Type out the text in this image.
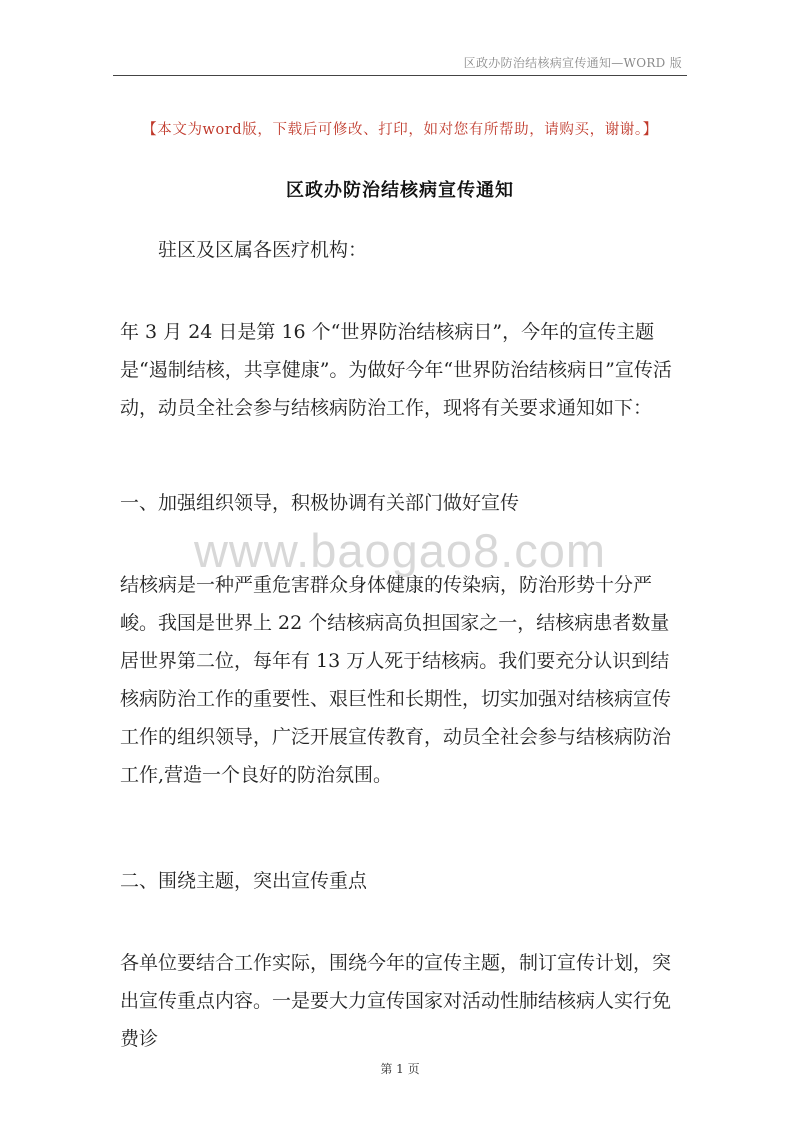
区政办防治结核病宣传通知—WORD 版
【本文为word版，下载后可修改、打印，如对您有所帮助，请购买，谢谢。】
区政办防治结核病宣传通知

驻区及区属各医疗机构：

年 3 月 24 日是第 16 个“世界防治结核病日”，今年的宣传主题是“遏制结核，共享健康”。为做好今年“世界防治结核病日”宣传活动，动员全社会参与结核病防治工作，现将有关要求通知如下：

一、加强组织领导，积极协调有关部门做好宣传

www.baogao8.com

结核病是一种严重危害群众身体健康的传染病，防治形势十分严峻。我国是世界上 22 个结核病高负担国家之一，结核病患者数量居世界第二位，每年有 13 万人死于结核病。我们要充分认识到结核病防治工作的重要性、艰巨性和长期性，切实加强对结核病宣传工作的组织领导，广泛开展宣传教育，动员全社会参与结核病防治工作,营造一个良好的防治氛围。

二、围绕主题，突出宣传重点

各单位要结合工作实际，围绕今年的宣传主题，制订宣传计划，突出宣传重点内容。一是要大力宣传国家对活动性肺结核病人实行免费诊

第 1 页
